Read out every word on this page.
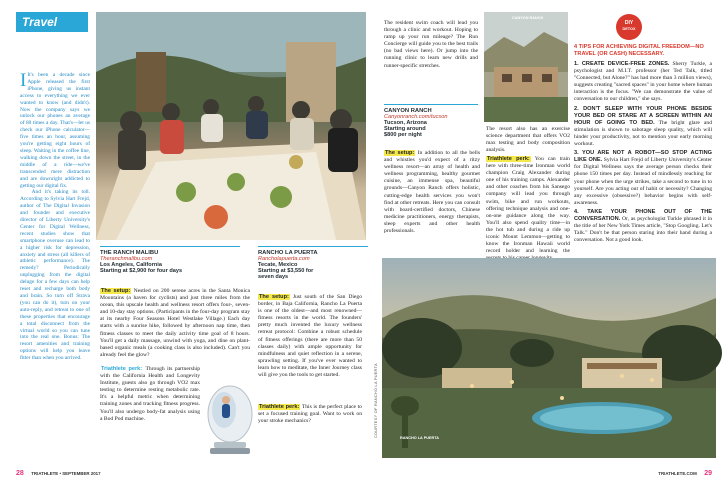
Travel
I It's been a decade since Apple released the first iPhone, giving us instant access to everything we ever wanted to know (and didn't). Now the company says we unlock our phones an average of 80 times a day. That's—let us check our iPhone calculator—five times an hour, assuming you're getting eight hours of sleep. Waiting in the coffee line, walking down the street, in the middle of a ride—we've transcended mere distraction and are downright addicted to getting our digital fix.
And it's taking its toll. According to Sylvia Hart Frejd, author of The Digital Invasion and founder and executive director of Liberty University's Center for Digital Wellness, recent studies show that smartphone overuse can lead to a higher risk for depression, anxiety and stress (all killers of athletic performance). The remedy? Periodically unplugging from the digital deluge for a few days can help reset and recharge both body and brain. So turn off Strava (you can do it), turn on your auto-reply, and retreat to one of these properties that encourage a total disconnect from the virtual world so you can tune into the real one. Bonus: The resort amenities and training options will help you leave fitter than when you arrived.
THE RANCH MALIBU
Theranchmalibu.com
Los Angeles, California
Starting at $2,900 for four days
RANCHO LA PUERTA
Rancholapuerta.com
Tecate, Mexico
Starting at $3,550 for seven days
The setup: Nestled on 200 serene acres in the Santa Monica Mountains (a haven for cyclists) and just three miles from the ocean, this upscale health and wellness resort offers four-, seven- and 10-day stay options. (Participants in the four-day program stay at its nearby Four Seasons Hotel Westlake Village.) Each day starts with a sunrise hike, followed by afternoon nap time, then fitness classes to meet the daily activity time goal of 8 hours. You'll get a daily massage, unwind with yoga, and dine on plant-based organic meals (a cooking class is also included). Can't you already feel the glow?
Triathlete perk: Through its partnership with the California Health and Longevity Institute, guests also go through VO2 max testing to determine resting metabolic rate. It's a helpful metric when determining training zones and tracking fitness progress. You'll also undergo body-fat analysis using a Bod Pod machine.
The setup: Just south of the San Diego border, in Baja California, Rancho La Puerta is one of the oldest—and most renowned—fitness resorts in the world. The founders' pretty much invented the luxury wellness retreat protocol: Combine a robust schedule of fitness offerings (there are more than 50 classes daily) with ample opportunity for mindfulness and quiet reflection in a serene, sprawling setting. If you've ever wanted to learn how to meditate, the Inner Journey class will give you the tools to get started.
Triathlete perk: This is the perfect place to set a focused training goal. Want to work on your stroke mechanics?	COURTESY OF RANCHO LA PUERTA
28 TRIATHLETE • SEPTEMBER 2017
The resident swim coach will lead you through a clinic and workout. Hoping to ramp up your run mileage? The Run Concierge will guide you to the best trails (no bad views here). Or jump into the running clinic to learn new drills and runner-specific stretches.
CANYON RANCH
Canyonranch.com/tucson
Tucson, Arizona
Starting around
$800 per night
The setup: In addition to all the bells and whistles you'd expect of a ritzy wellness resort—an array of health and wellness programming, healthy gourmet cuisine, an immense spa, beautiful grounds—Canyon Ranch offers holistic, cutting-edge health services you won't find at other retreats. Here you can consult with board-certified doctors, Chinese medicine practitioners, energy therapists, sleep experts and other health professionals.
CANYON RANCH
The resort also has an exercise science department that offers VO2 max testing and body composition analysis.
Triathlete perk: You can train here with three-time Ironman world champion Craig Alexander during one of his training camps. Alexander and other coaches from his Sansego company will lead you through swim, bike and run workouts, offering technique analysis and one-on-one guidance along the way. You'll also spend quality time—in the hot tub and during a ride up iconic Mount Lemmon—getting to know the Ironman Hawaii world record holder and learning the
DIY
DETOX
4 TIPS FOR ACHIEVING DIGITAL FREEDOM—NO TRAVEL (OR CASH) NECESSARY.
1. CREATE DEVICE-FREE ZONES. Sherry Turkle, a psychologist and M.I.T. professor (her Ted Talk, titled "Connected, but Alone?" has had more than 3 million views), suggests creating "sacred spaces" in your home where human interaction is the focus. "We can demonstrate the value of conversation to our children," she says.
2. DON'T SLEEP WITH YOUR PHONE BESIDE YOUR BED OR STARE AT A SCREEN WITHIN AN HOUR OF GOING TO BED. The bright glare and stimulation is shown to sabotage sleep quality, which will hinder your productivity, not to mention your early morning workout.
3. YOU ARE NOT A ROBOT—SO STOP ACTING LIKE ONE. Sylvia Hart Frejd of Liberty University's Center for Digital Wellness says the average person checks their phone 150 times per day. Instead of mindlessly reaching for your phone when the urge strikes, take a second to tune in to yourself. Are you acting out of habit or necessity? Changing any excessive (obsessive?) behavior begins with self-awareness.
4. TAKE YOUR PHONE OUT OF THE CONVERSATION. Or, as psychologist Turkle phrased it in the title of her New York Times article, "Stop Googling. Let's Talk." Don't be that person staring into their hand during a conversation. Not a good look.
RANCHO LA PUERTA
TRIATHLETE.COM 29
